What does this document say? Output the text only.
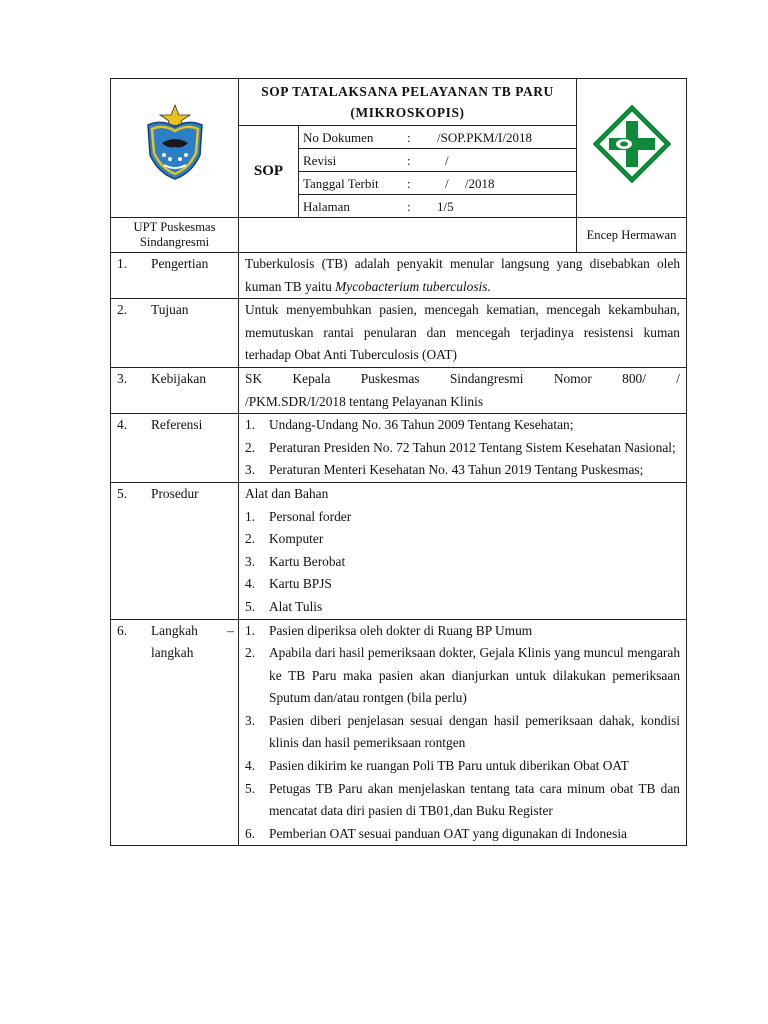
	SOP TATALAKSANA PELAYANAN TB PARU (MIKROSKOPIS)	
SOP	
No Dokumen	:	/SOP.PKM/I/2018

Revisi	:	/

Tanggal Terbit	:	/     /2018

Halaman	:	1/5

UPT Puskesmas Sindangresmi		Encep Hermawan

1.	Pengertian	Tuberkulosis (TB) adalah penyakit menular langsung yang disebabkan oleh kuman TB yaitu Mycobacterium tuberculosis.

2.	Tujuan	Untuk menyembuhkan pasien, mencegah kematian, mencegah kekambuhan, memutuskan rantai penularan dan mencegah terjadinya resistensi kuman terhadap Obat Anti Tuberculosis (OAT)

3.	Kebijakan	SK Kepala Puskesmas Sindangresmi Nomor 800/ /
/PKM.SDR/I/2018 tentang Pelayanan Klinis

4.	Referensi	1.	Undang-Undang No. 36 Tahun 2009 Tentang Kesehatan;
2.	Peraturan Presiden No. 72 Tahun 2012 Tentang Sistem Kesehatan Nasional;
3.	Peraturan Menteri Kesehatan No. 43 Tahun 2019 Tentang Puskesmas;

5.	Prosedur	Alat dan Bahan
1.	Personal forder
2.	Komputer
3.	Kartu Berobat
4.	Kartu BPJS
5.	Alat Tulis

6.	Langkah –
langkah

1.	Pasien diperiksa oleh dokter di Ruang BP Umum
2.	Apabila dari hasil pemeriksaan dokter, Gejala Klinis yang muncul mengarah ke TB Paru maka pasien akan dianjurkan untuk dilakukan pemeriksaan Sputum dan/atau rontgen (bila perlu)
3.	Pasien diberi penjelasan sesuai dengan hasil pemeriksaan dahak, kondisi klinis dan hasil pemeriksaan rontgen
4.	Pasien dikirim ke ruangan Poli TB Paru untuk diberikan Obat OAT
5.	Petugas TB Paru akan menjelaskan tentang tata cara minum obat TB dan mencatat data diri pasien di TB01,dan Buku Register
6.	Pemberian OAT sesuai panduan OAT yang digunakan di Indonesia
